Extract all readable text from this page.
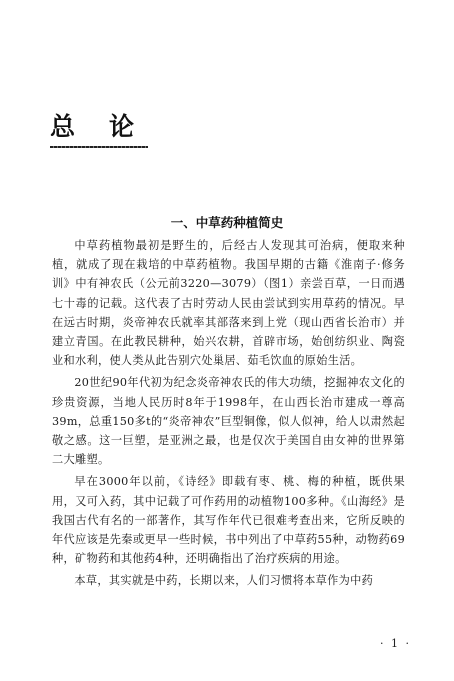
总论
一、中草药种植简史

中草药植物最初是野生的，后经古人发现其可治病，便取来种植，就成了现在栽培的中草药植物。我国早期的古籍《淮南子·修务训》中有神农氏（公元前3220—3079）（图1）亲尝百草，一日而遇七十毒的记载。这代表了古时劳动人民由尝试到实用草药的情况。早在远古时期，炎帝神农氏就率其部落来到上党（现山西省长治市）并建立青国。在此教民耕种，始兴农耕，首辟市场，始创纺织业、陶瓷业和水利，使人类从此告别穴处巢居、茹毛饮血的原始生活。

20世纪90年代初为纪念炎帝神农氏的伟大功绩，挖掘神农文化的珍贵资源，当地人民历时8年于1998年，在山西长治市建成一尊高39m，总重150多t的“炎帝神农”巨型铜像，似人似神，给人以肃然起敬之感。这一巨塑，是亚洲之最，也是仅次于美国自由女神的世界第二大雕塑。

早在3000年以前，《诗经》即载有枣、桃、梅的种植，既供果用，又可入药，其中记载了可作药用的动植物100多种。《山海经》是我国古代有名的一部著作，其写作年代已很难考查出来，它所反映的年代应该是先秦或更早一些时候，书中列出了中草药55种，动物药69种，矿物药和其他药4种，还明确指出了治疗疾病的用途。

本草，其实就是中药，长期以来，人们习惯将本草作为中药

· 1 ·
